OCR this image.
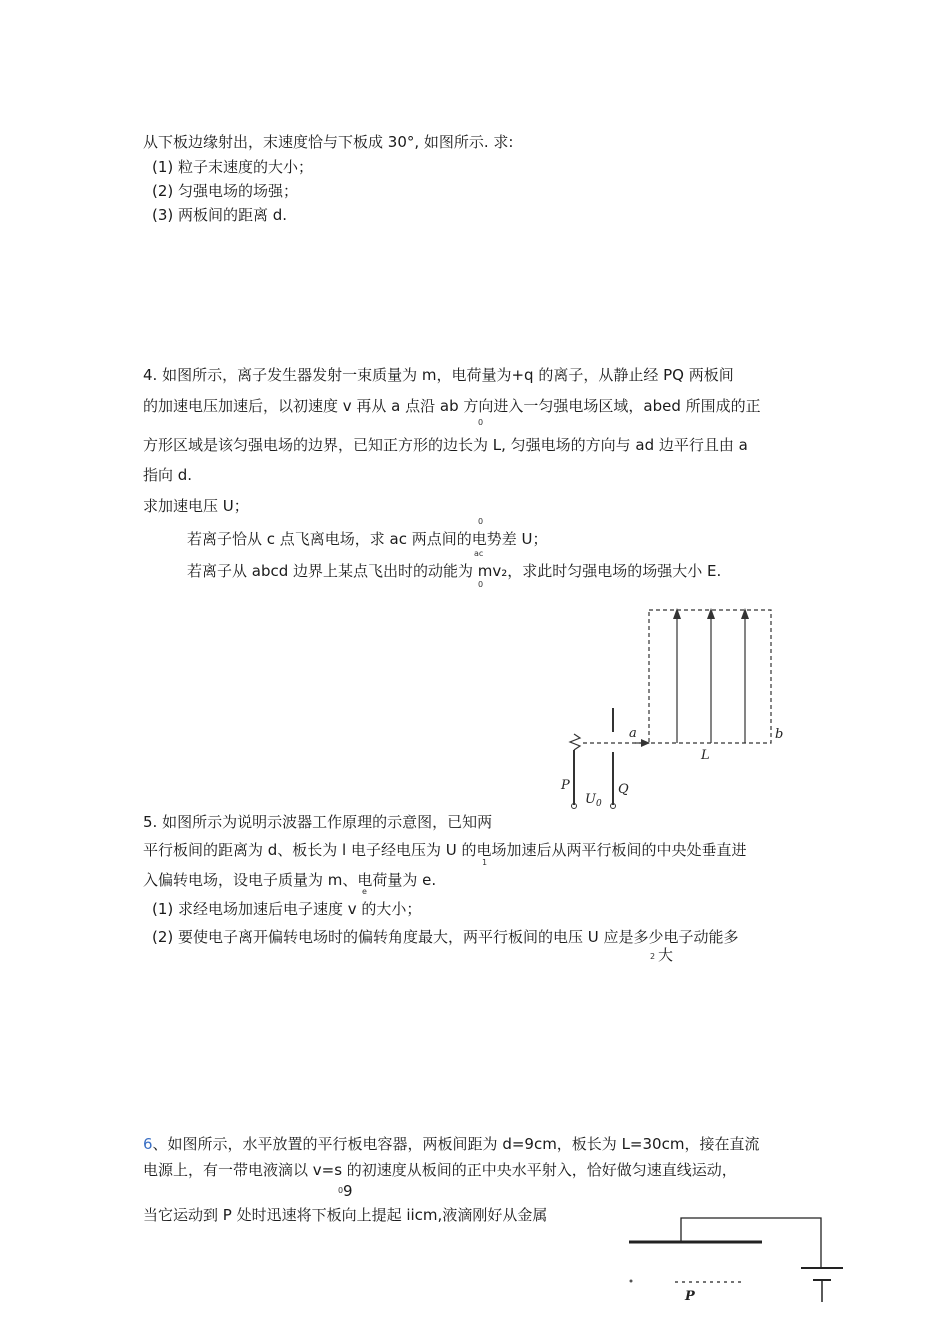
从下板边缘射出，末速度恰与下板成 30°, 如图所示. 求:
(1) 粒子末速度的大小；
(2) 匀强电场的场强；
(3) 两板间的距离 d.
4. 如图所示，离子发生器发射一束质量为 m，电荷量为+q 的离子，从静止经 PQ 两板间
的加速电压加速后，以初速度 v 再从 a 点沿 ab 方向进入一匀强电场区域，abed 所围成的正
0
方形区域是该匀强电场的边界，已知正方形的边长为 L, 匀强电场的方向与 ad 边平行且由 a
指向 d.
求加速电压 U；
0
若离子恰从 c 点飞离电场，求 ac 两点间的电势差 U；
ac
若离子从 abcd 边界上某点飞出时的动能为 mv₂，求此时匀强电场的场强大小 E.
0
a	b
L
P	Q
$U_0$
5. 如图所示为说明示波器工作原理的示意图，已知两
平行板间的距离为 d、板长为 l 电子经电压为 U 的电场加速后从两平行板间的中央处垂直进
1
入偏转电场，设电子质量为 m、电荷量为 e.
e
(1) 求经电场加速后电子速度 v 的大小；
(2) 要使电子离开偏转电场时的偏转角度最大，两平行板间的电压 U 应是多少电子动能多
2 大
6、如图所示，水平放置的平行板电容器，两板间距为 d=9cm，板长为 L=30cm，接在直流
电源上，有一带电液滴以 v=s 的初速度从板间的正中央水平射入，恰好做匀速直线运动，
0 9
当它运动到 P 处时迅速将下板向上提起 iicm,液滴刚好从金属
P
